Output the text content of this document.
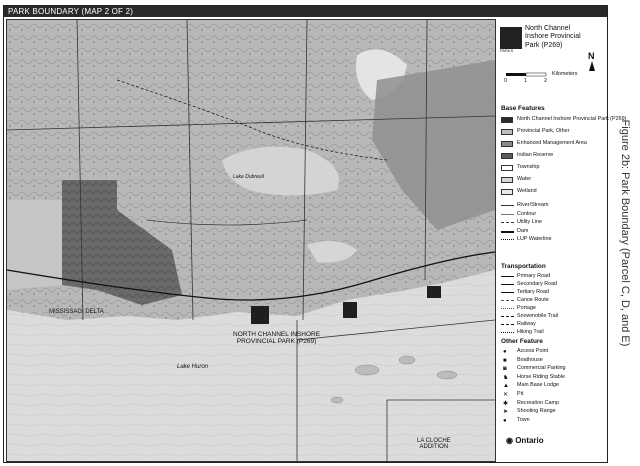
PARK BOUNDARY (MAP 2 OF 2)
NORTH CHANNEL INSHORE
PROVINCIAL PARK (P269)
MISSISSAGI DELTA
Lake Huron
LA CLOCHE
ADDITION
Lake Dubreuil
PARKS
North Channel
Inshore Provincial
Park (P269)
N
0	1	2
Kilometers
Base Features
North Channel Inshore Provincial Park (P269)
Provincial Park, Other
Enhanced Management Area
Indian Reserve
Township
Water
Wetland
River/Stream
Contour
Utility Line
Dam
LUP Waterline
Transportation
Primary Road
Secondary Road
Tertiary Road
Canoe Route
Portage
Snowmobile Trail
Railway
Hiking Trail
Other Feature
● Access Point
■ Boathouse
◙ Commercial Parking
♞ Horse Riding Stable
▲ Main Base Lodge
✕ Pit
✱ Recreation Camp
➤ Shooting Range
● Town
◉ Ontario
Figure 2b: Park Boundary (Parcel C, D, and E)
